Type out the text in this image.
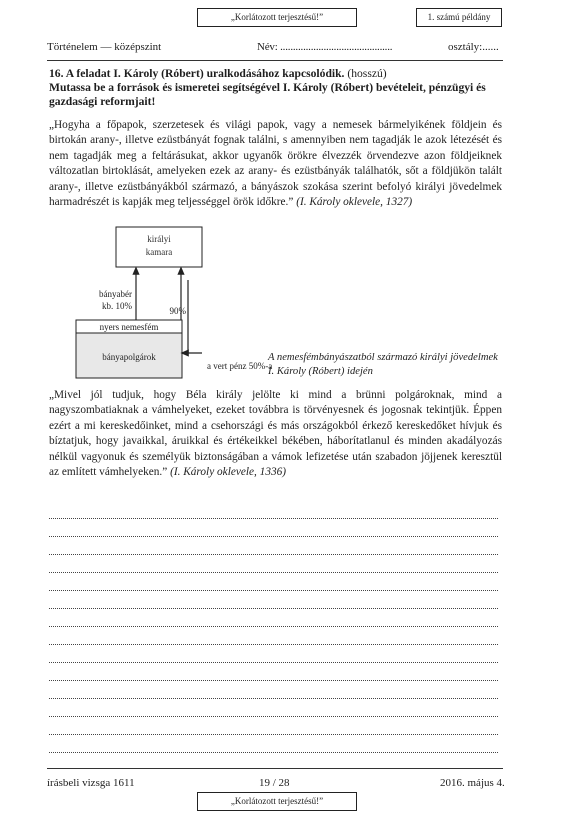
„Korlátozott terjesztésű!”	1. számú példány
Történelem — középszint	Név: ............................................	osztály:......
16. A feladat I. Károly (Róbert) uralkodásához kapcsolódik. (hosszú)
Mutassa be a források és ismeretei segítségével I. Károly (Róbert) bevételeit, pénzügyi és gazdasági reformjait!
„Hogyha a főpapok, szerzetesek és világi papok, vagy a nemesek bármelyikének földjein és birtokán arany-, illetve ezüstbányát fognak találni, s amennyiben nem tagadják le azok létezését és nem tagadják meg a feltárásukat, akkor ugyanők örökre élvezzék örvendezve azon földjeiknek változatlan birtoklását, amelyeken ezek az arany- és ezüstbányák találhatók, sőt a földjükön talált arany-, illetve ezüstbányákból származó, a bányászok szokása szerint befolyó királyi jövedelmek harmadrészét is kapják meg teljességgel örök időkre.” (I. Károly oklevele, 1327)
királyi
kamara
nyers nemesfém
bányapolgárok
bányabér
kb. 10%	90%
a vert pénz 50%-a
A nemesfémbányászatból származó királyi jövedelmek I. Károly (Róbert) idején
„Mivel jól tudjuk, hogy Béla király jelölte ki mind a brünni polgároknak, mind a nagyszombatiaknak a vámhelyeket, ezeket továbbra is törvényesnek és jogosnak tekintjük. Éppen ezért a mi kereskedőinket, mind a csehországi és más országokból érkező kereskedőket hívjuk és bíztatjuk, hogy javaikkal, áruikkal és értékeikkel békében, háborítatlanul és minden akadályozás nélkül vagyonuk és személyük biztonságában a vámok lefizetése után szabadon jöjjenek keresztül az említett vámhelyeken.” (I. Károly oklevele, 1336)
írásbeli vizsga 1611	19 / 28	2016. május 4.
„Korlátozott terjesztésű!”
